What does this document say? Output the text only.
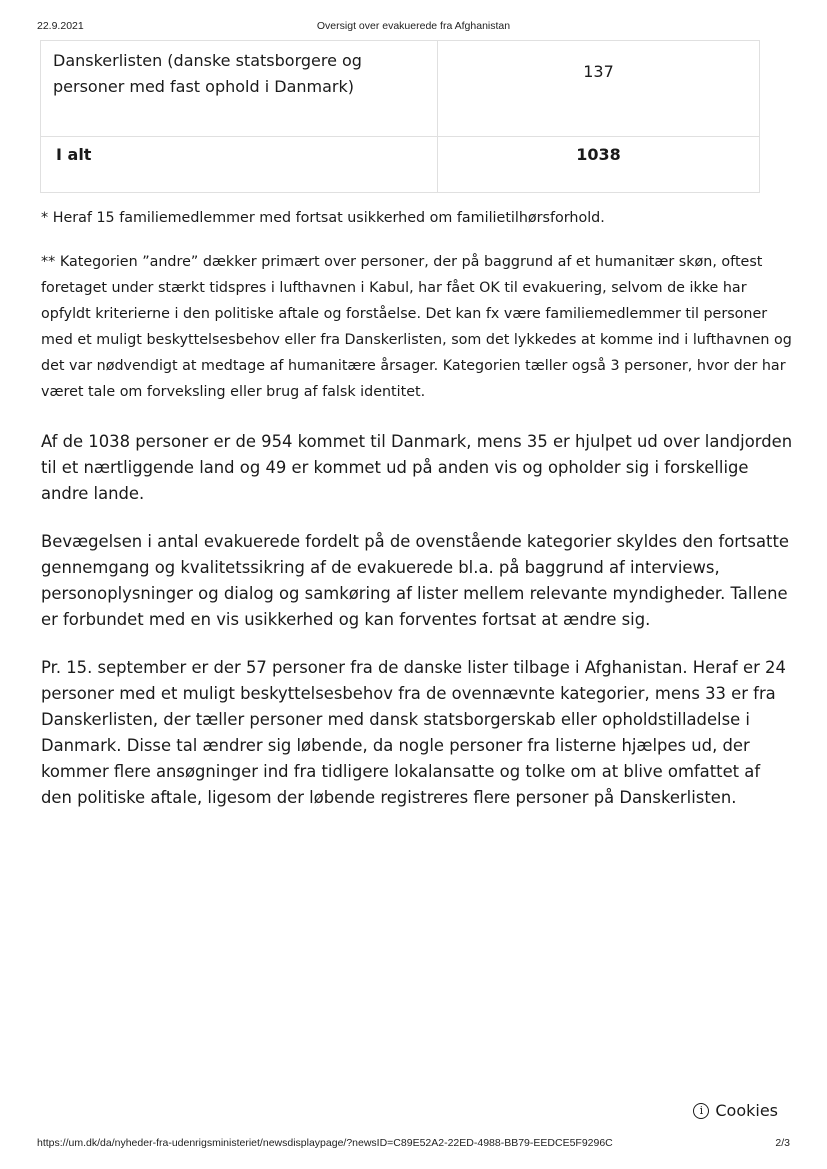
22.9.2021	Oversigt over evakuerede fra Afghanistan
Danskerlisten (danske statsborgere og personer med fast ophold i Danmark)	137
I alt	1038

* Heraf 15 familiemedlemmer med fortsat usikkerhed om familietilhørsforhold.

** Kategorien ”andre” dækker primært over personer, der på baggrund af et humanitær skøn, oftest foretaget under stærkt tidspres i lufthavnen i Kabul, har fået OK til evakuering, selvom de ikke har opfyldt kriterierne i den politiske aftale og forståelse. Det kan fx være familiemedlemmer til personer med et muligt beskyttelsesbehov eller fra Danskerlisten, som det lykkedes at komme ind i lufthavnen og det var nødvendigt at medtage af humanitære årsager. Kategorien tæller også 3 personer, hvor der har været tale om forveksling eller brug af falsk identitet.

Af de 1038 personer er de 954 kommet til Danmark, mens 35 er hjulpet ud over landjorden til et nærtliggende land og 49 er kommet ud på anden vis og opholder sig i forskellige andre lande.

Bevægelsen i antal evakuerede fordelt på de ovenstående kategorier skyldes den fortsatte gennemgang og kvalitetssikring af de evakuerede bl.a. på baggrund af interviews, personoplysninger og dialog og samkøring af lister mellem relevante myndigheder. Tallene er forbundet med en vis usikkerhed og kan forventes fortsat at ændre sig.

Pr. 15. september er der 57 personer fra de danske lister tilbage i Afghanistan. Heraf er 24 personer med et muligt beskyttelsesbehov fra de ovennævnte kategorier, mens 33 er fra Danskerlisten, der tæller personer med dansk statsborgerskab eller opholdstilladelse i Danmark. Disse tal ændrer sig løbende, da nogle personer fra listerne hjælpes ud, der kommer flere ansøgninger ind fra tidligere lokalansatte og tolke om at blive omfattet af den politiske aftale, ligesom der løbende registreres flere personer på Danskerlisten.

i Cookies
https://um.dk/da/nyheder-fra-udenrigsministeriet/newsdisplaypage/?newsID=C89E52A2-22ED-4988-BB79-EEDCE5F9296C	2/3
